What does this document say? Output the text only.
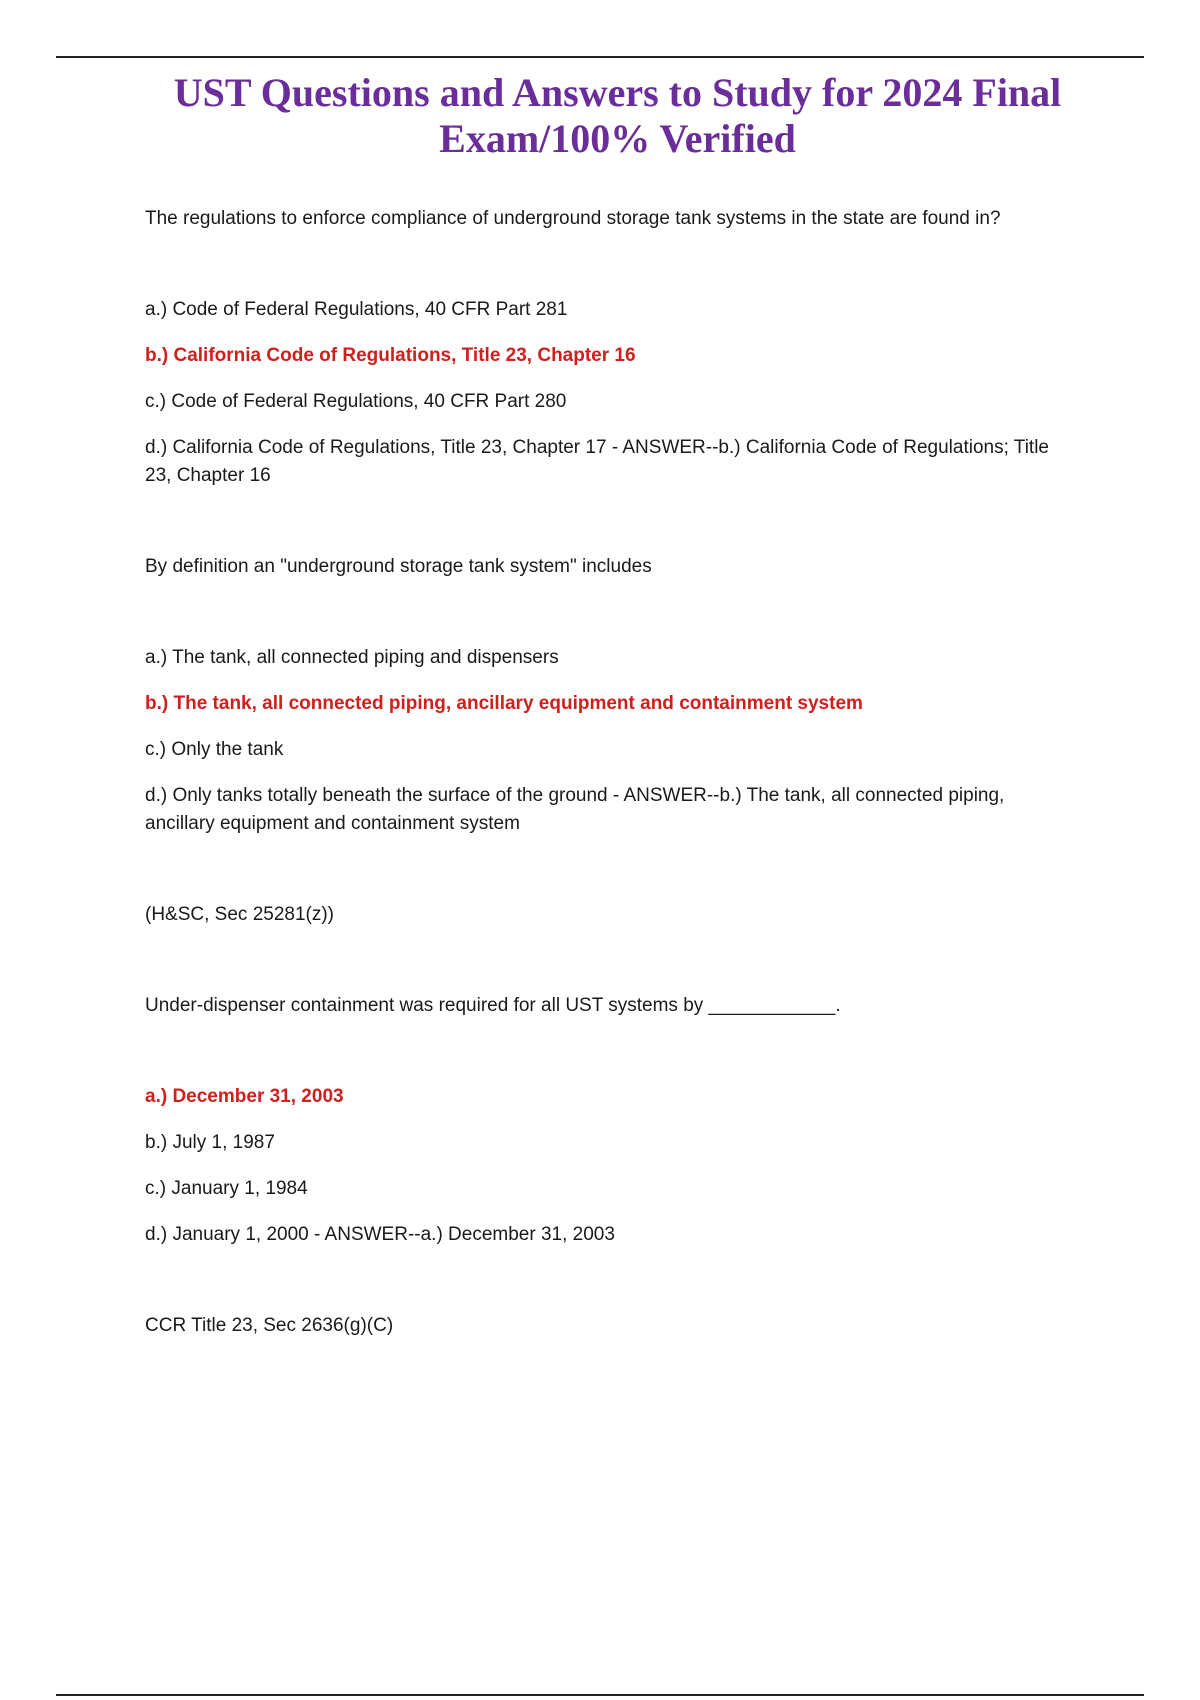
UST Questions and Answers to Study for 2024 Final Exam/100% Verified

The regulations to enforce compliance of underground storage tank systems in the state are found in?

a.) Code of Federal Regulations, 40 CFR Part 281

b.) California Code of Regulations, Title 23, Chapter 16

c.) Code of Federal Regulations, 40 CFR Part 280

d.) California Code of Regulations, Title 23, Chapter 17 - ANSWER--b.) California Code of Regulations; Title 23, Chapter 16

By definition an "underground storage tank system" includes

a.) The tank, all connected piping and dispensers

b.) The tank, all connected piping, ancillary equipment and containment system

c.) Only the tank

d.) Only tanks totally beneath the surface of the ground - ANSWER--b.) The tank, all connected piping, ancillary equipment and containment system

(H&SC, Sec 25281(z))

Under-dispenser containment was required for all UST systems by ____________.

a.) December 31, 2003

b.) July 1, 1987

c.) January 1, 1984

d.) January 1, 2000 - ANSWER--a.) December 31, 2003

CCR Title 23, Sec 2636(g)(C)
